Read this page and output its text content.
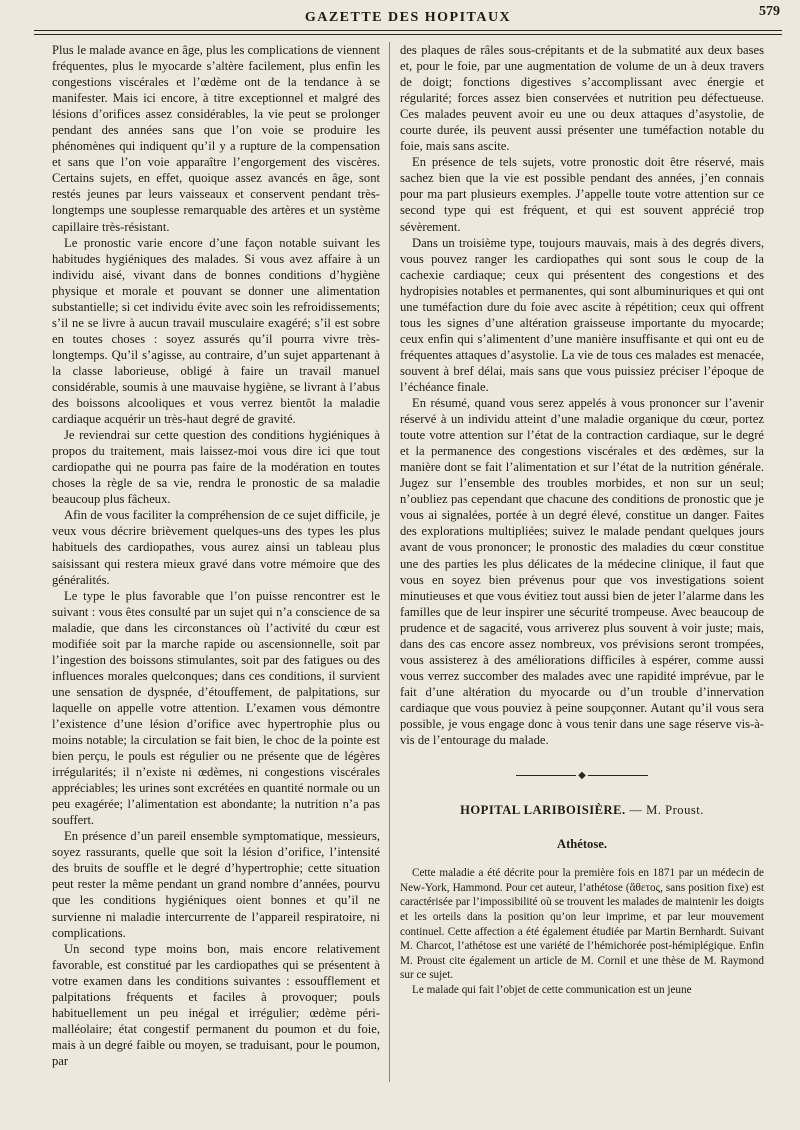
GAZETTE DES HOPITAUX	579

Plus le malade avance en âge, plus les complications de viennent fréquentes, plus le myocarde s’altère facilement, plus enfin les congestions viscérales et l’œdème ont de la tendance à se manifester. Mais ici encore, à titre exceptionnel et malgré des lésions d’orifices assez considérables, la vie peut se prolonger pendant des années sans que l’on voie se produire les phénomènes qui indiquent qu’il y a rupture de la compensation et sans que l’on voie apparaître l’engorgement des viscères. Certains sujets, en effet, quoique assez avancés en âge, sont restés jeunes par leurs vaisseaux et conservent pendant très-longtemps une souplesse remarquable des artères et un système capillaire très-résistant.

Le pronostic varie encore d’une façon notable suivant les habitudes hygiéniques des malades. Si vous avez affaire à un individu aisé, vivant dans de bonnes conditions d’hygiène physique et morale et pouvant se donner une alimentation substantielle; si cet individu évite avec soin les refroidissements; s’il ne se livre à aucun travail musculaire exagéré; s’il est sobre en toutes choses : soyez assurés qu’il pourra vivre très-longtemps. Qu’il s’agisse, au contraire, d’un sujet appartenant à la classe laborieuse, obligé à faire un travail manuel considérable, soumis à une mauvaise hygiène, se livrant à l’abus des boissons alcooliques et vous verrez bientôt la maladie cardiaque acquérir un très-haut degré de gravité.

Je reviendrai sur cette question des conditions hygiéniques à propos du traitement, mais laissez-moi vous dire ici que tout cardiopathe qui ne pourra pas faire de la modération en toutes choses la règle de sa vie, rendra le pronostic de sa maladie beaucoup plus fâcheux.

Afin de vous faciliter la compréhension de ce sujet difficile, je veux vous décrire brièvement quelques-uns des types les plus habituels des cardiopathes, vous aurez ainsi un tableau plus saisissant qui restera mieux gravé dans votre mémoire que des généralités.

Le type le plus favorable que l’on puisse rencontrer est le suivant : vous êtes consulté par un sujet qui n’a conscience de sa maladie, que dans les circonstances où l’activité du cœur est modifiée soit par la marche rapide ou ascensionnelle, soit par l’ingestion des boissons stimulantes, soit par des fatigues ou des influences morales quelconques; dans ces conditions, il survient une sensation de dyspnée, d’étouffement, de palpitations, sur laquelle on appelle votre attention. L’examen vous démontre l’existence d’une lésion d’orifice avec hypertrophie plus ou moins notable; la circulation se fait bien, le choc de la pointe est bien perçu, le pouls est régulier ou ne présente que de légères irrégularités; il n’existe ni œdèmes, ni congestions viscérales appréciables; les urines sont excrétées en quantité normale ou un peu exagérée; l’alimentation est abondante; la nutrition n’a pas souffert.

En présence d’un pareil ensemble symptomatique, messieurs, soyez rassurants, quelle que soit la lésion d’orifice, l’intensité des bruits de souffle et le degré d’hypertrophie; cette situation peut rester la même pendant un grand nombre d’années, pourvu que les conditions hygiéniques oient bonnes et qu’il ne survienne ni maladie intercurrente de l’appareil respiratoire, ni complications.

Un second type moins bon, mais encore relativement favorable, est constitué par les cardiopathes qui se présentent à votre examen dans les conditions suivantes : essoufflement et palpitations fréquents et faciles à provoquer; pouls habituellement un peu inégal et irrégulier; œdème péri-malléolaire; état congestif permanent du poumon et du foie, mais à un degré faible ou moyen, se traduisant, pour le poumon, par

des plaques de râles sous-crépitants et de la submatité aux deux bases et, pour le foie, par une augmentation de volume de un à deux travers de doigt; fonctions digestives s’accomplissant avec énergie et régularité; forces assez bien conservées et nutrition peu défectueuse. Ces malades peuvent avoir eu une ou deux attaques d’asystolie, de courte durée, ils peuvent aussi présenter une tuméfaction notable du foie, mais sans ascite.

En présence de tels sujets, votre pronostic doit être réservé, mais sachez bien que la vie est possible pendant des années, j’en connais pour ma part plusieurs exemples. J’appelle toute votre attention sur ce second type qui est fréquent, et qui est souvent apprécié trop sévèrement.

Dans un troisième type, toujours mauvais, mais à des degrés divers, vous pouvez ranger les cardiopathes qui sont sous le coup de la cachexie cardiaque; ceux qui présentent des congestions et des hydropisies notables et permanentes, qui sont albuminuriques et qui ont une tuméfaction dure du foie avec ascite à répétition; ceux qui offrent tous les signes d’une altération graisseuse importante du myocarde; ceux enfin qui s’alimentent d’une manière insuffisante et qui ont eu de fréquentes attaques d’asystolie. La vie de tous ces malades est menacée, souvent à bref délai, mais sans que vous puissiez préciser l’époque de l’échéance finale.

En résumé, quand vous serez appelés à vous prononcer sur l’avenir réservé à un individu atteint d’une maladie organique du cœur, portez toute votre attention sur l’état de la contraction cardiaque, sur le degré et la permanence des congestions viscérales et des œdèmes, sur la manière dont se fait l’alimentation et sur l’état de la nutrition générale. Jugez sur l’ensemble des troubles morbides, et non sur un seul; n’oubliez pas cependant que chacune des conditions de pronostic que je vous ai signalées, portée à un degré élevé, constitue un danger. Faites des explorations multipliées; suivez le malade pendant quelques jours avant de vous prononcer; le pronostic des maladies du cœur constitue une des parties les plus délicates de la médecine clinique, il faut que vous en soyez bien prévenus pour que vos investigations soient minutieuses et que vous évitiez tout aussi bien de jeter l’alarme dans les familles que de leur inspirer une sécurité trompeuse. Avec beaucoup de prudence et de sagacité, vous arriverez plus souvent à voir juste; mais, dans des cas encore assez nombreux, vos prévisions seront trompées, vous assisterez à des améliorations difficiles à espérer, comme aussi vous verrez succomber des malades avec une rapidité imprévue, par le fait d’une altération du myocarde ou d’un trouble d’innervation cardiaque que vous pouviez à peine soupçonner. Autant qu’il vous sera possible, je vous engage donc à vous tenir dans une sage réserve vis-à-vis de l’entourage du malade.

◆
HOPITAL LARIBOISIÈRE. — M. Proust.
Athétose.

Cette maladie a été décrite pour la première fois en 1871 par un médecin de New-York, Hammond. Pour cet auteur, l’athétose (ἄθετος, sans position fixe) est caractérisée par l’impossibilité où se trouvent les malades de maintenir les doigts et les orteils dans la position qu’on leur imprime, et par leur mouvement continuel. Cette affection a été également étudiée par Martin Bernhardt. Suivant M. Charcot, l’athétose est une variété de l’hémichorée post-hémiplégique. Enfin M. Proust cite également un article de M. Cornil et une thèse de M. Raymond sur ce sujet.

Le malade qui fait l’objet de cette communication est un jeune
